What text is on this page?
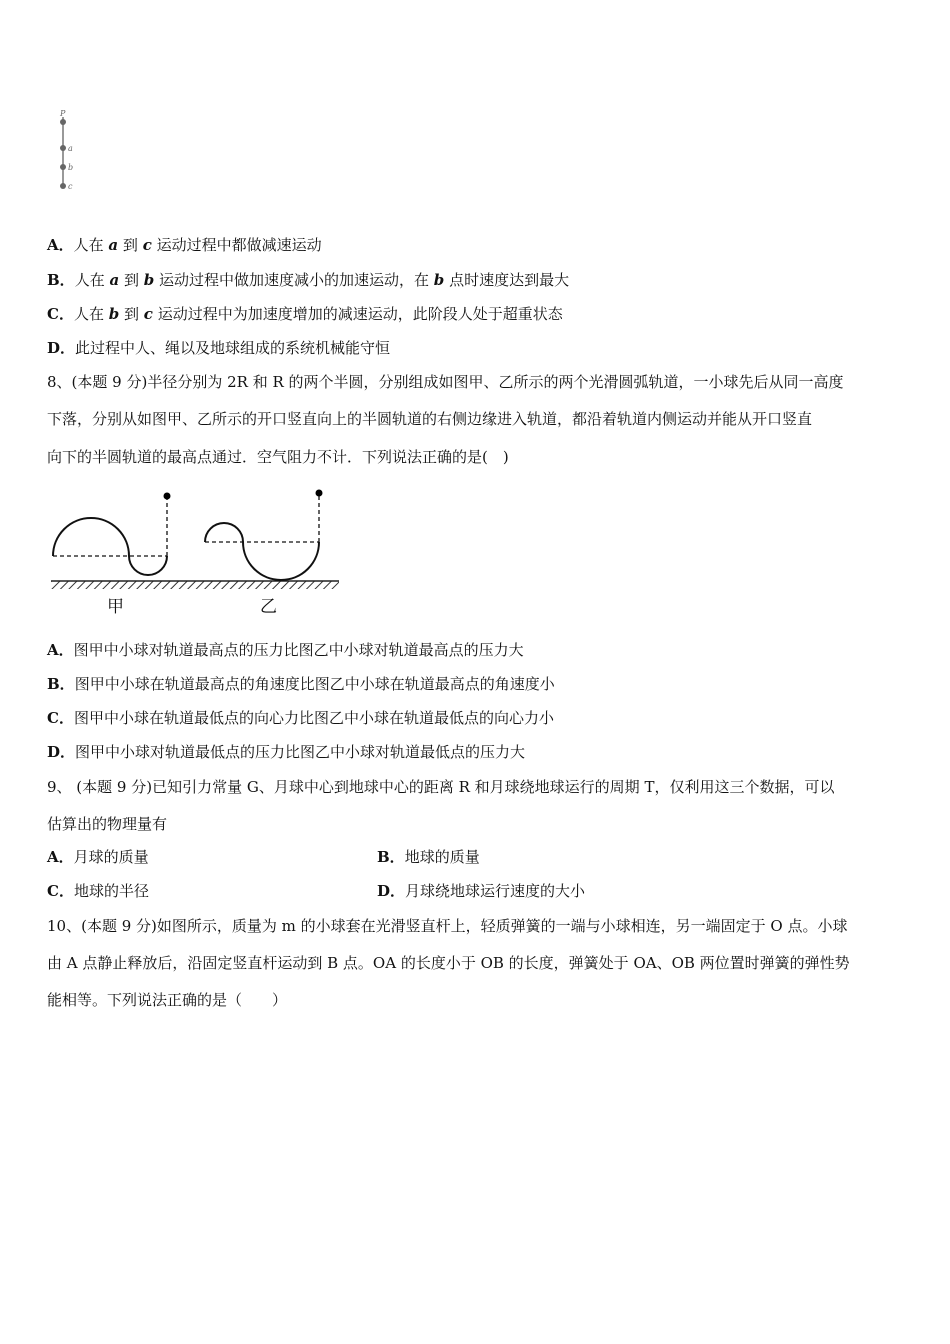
P
a
b
c
A．人在 a 到 c 运动过程中都做减速运动
B．人在 a 到 b 运动过程中做加速度减小的加速运动，在 b 点时速度达到最大
C．人在 b 到 c 运动过程中为加速度增加的减速运动，此阶段人处于超重状态
D．此过程中人、绳以及地球组成的系统机械能守恒
8、(本题 9 分)半径分别为 2R 和 R 的两个半圆，分别组成如图甲、乙所示的两个光滑圆弧轨道，一小球先后从同一高度
下落，分别从如图甲、乙所示的开口竖直向上的半圆轨道的右侧边缘进入轨道，都沿着轨道内侧运动并能从开口竖直
向下的半圆轨道的最高点通过．空气阻力不计．下列说法正确的是(　)
甲	乙
A．图甲中小球对轨道最高点的压力比图乙中小球对轨道最高点的压力大
B．图甲中小球在轨道最高点的角速度比图乙中小球在轨道最高点的角速度小
C．图甲中小球在轨道最低点的向心力比图乙中小球在轨道最低点的向心力小
D．图甲中小球对轨道最低点的压力比图乙中小球对轨道最低点的压力大
9、 (本题 9 分)已知引力常量 G、月球中心到地球中心的距离 R 和月球绕地球运行的周期 T，仅利用这三个数据，可以
估算出的物理量有
A．月球的质量	B．地球的质量
C．地球的半径	D．月球绕地球运行速度的大小
10、(本题 9 分)如图所示，质量为 m 的小球套在光滑竖直杆上，轻质弹簧的一端与小球相连，另一端固定于 O 点。小球
由 A 点静止释放后，沿固定竖直杆运动到 B 点。OA 的长度小于 OB 的长度，弹簧处于 OA、OB 两位置时弹簧的弹性势
能相等。下列说法正确的是（　　）
